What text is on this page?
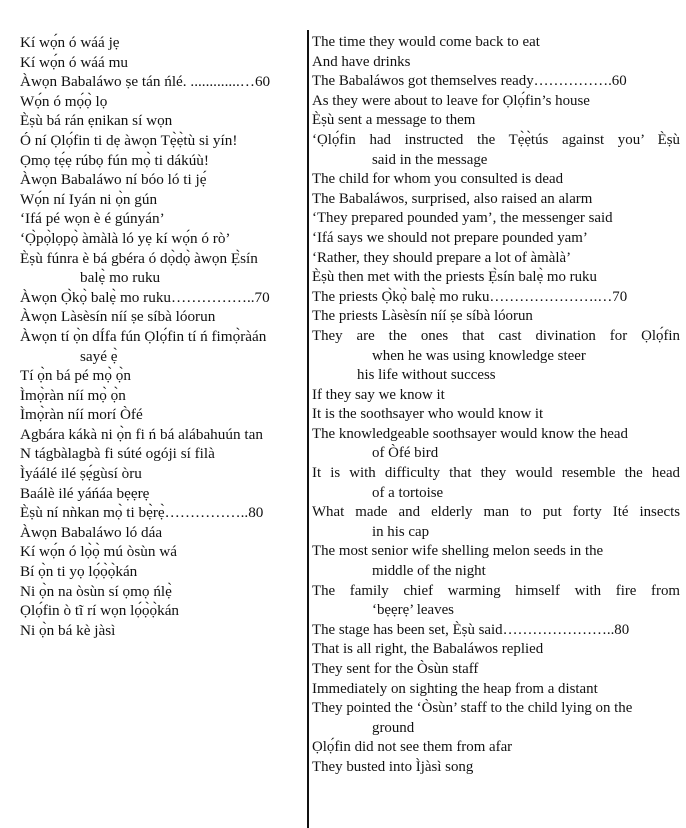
Kí wọ́n ó wáá jẹ
Kí wọ́n ó wáá mu
Àwọn Babaláwo ṣe tán ńlé. .............…60
Wọ́n ó mọ́ọ̀ lọ
Èṣù bá rán ẹnikan sí wọn
Ó ní Ọlọ́fin ti dẹ àwọn Tẹ̀ẹ̀tù si yín!
Ọmọ tẹ́ẹ rúbọ fún mọ̀ ti dákúù!
Àwọn Babaláwo ní bóo ló ti jẹ́
Wọ́n ní Iyán ni ọ̀n gún
‘Ifá pé wọn è é gúnyán’
‘Ọ̀pọ̀lọpọ̀ àmàlà ló yẹ kí wọ́n ó rò’
Èṣù fúnra è bá gbéra ó dọ̀dọ̀ àwọn Ẹ̀sín
balẹ̀ mo ruku
Àwọn Ọ̀kọ̀ balẹ̀ mo ruku……………..70
Àwọn Làsèsín níí ṣe síbà lóorun
Àwọn tí ọ̀n dÍfa fún Ọlọ́fin tí ń fimọ̀ràán
sayé ẹ̀
Tí ọ̀n bá pé mọ̀ ọ̀n
Ìmọ̀ràn níí mọ̀ ọ̀n
Ìmọ̀ràn níí morí Òfé
Agbára kákà ni ọ̀n fi ń bá alábahuún tan
N tágbàlagbà fi súté ogóji sí filà
Ìyáálé ilé ṣẹ́gùsí òru
Baálè ilé yáńáa bẹẹrẹ
Èṣù ní nǹkan mọ̀ ti bẹ̀rẹ̀……………..80
Àwọn Babaláwo ló dáa
Kí wọ́n ó lọ̀ọ̀ mú òsùn wá
Bí ọ̀n ti yọ lọ́ọ̀ọ̀kán
Ni ọ̀n na òsùn sí ọmọ ńlẹ̀
Ọlọ́fin ò tĩ rí wọn lọ́ọ̀ọ̀kán
Ni ọ̀n bá kè jàsì
The time they would come back to eat
And have drinks
The Babaláwos got themselves ready…………….60
As they were about to leave for Ọlọ́fin’s house
Èṣù sent a message to them
‘Ọlọ́fin had instructed the Tẹ̀ẹ̀tús against you’ Èṣù
said in the message
The child for whom you consulted is dead
The Babaláwos, surprised, also raised an alarm
‘They prepared pounded yam’, the messenger said
‘Ifá says we should not prepare pounded yam’
‘Rather, they should prepare a lot of àmàlà’
Èṣù then met with the priests Ẹ̀sín balẹ̀ mo ruku
The priests Ọ̀kọ̀ balẹ̀ mo ruku………………….…70
The priests Làsèsín níí ṣe síbà lóorun
They are the ones that cast divination for Ọlọ́fin
when he was using knowledge steer
his life without success
If they say we know it
It is the soothsayer who would know it
The knowledgeable soothsayer would know the head
of Òfé bird
It is with difficulty that they would resemble the head
of a tortoise
What made and elderly man to put forty Ité insects
in his cap
The most senior wife shelling melon seeds in the
middle of the night
The family chief warming himself with fire from
‘bẹẹrẹ’ leaves
The stage has been set, Èṣù said…………………..80
That is all right, the Babaláwos replied
They sent for the Òsùn staff
Immediately on sighting the heap from a distant
They pointed the ‘Òsùn’ staff to the child lying on the
ground
Ọlọ́fin did not see them from afar
They busted into Ìjàsì song
